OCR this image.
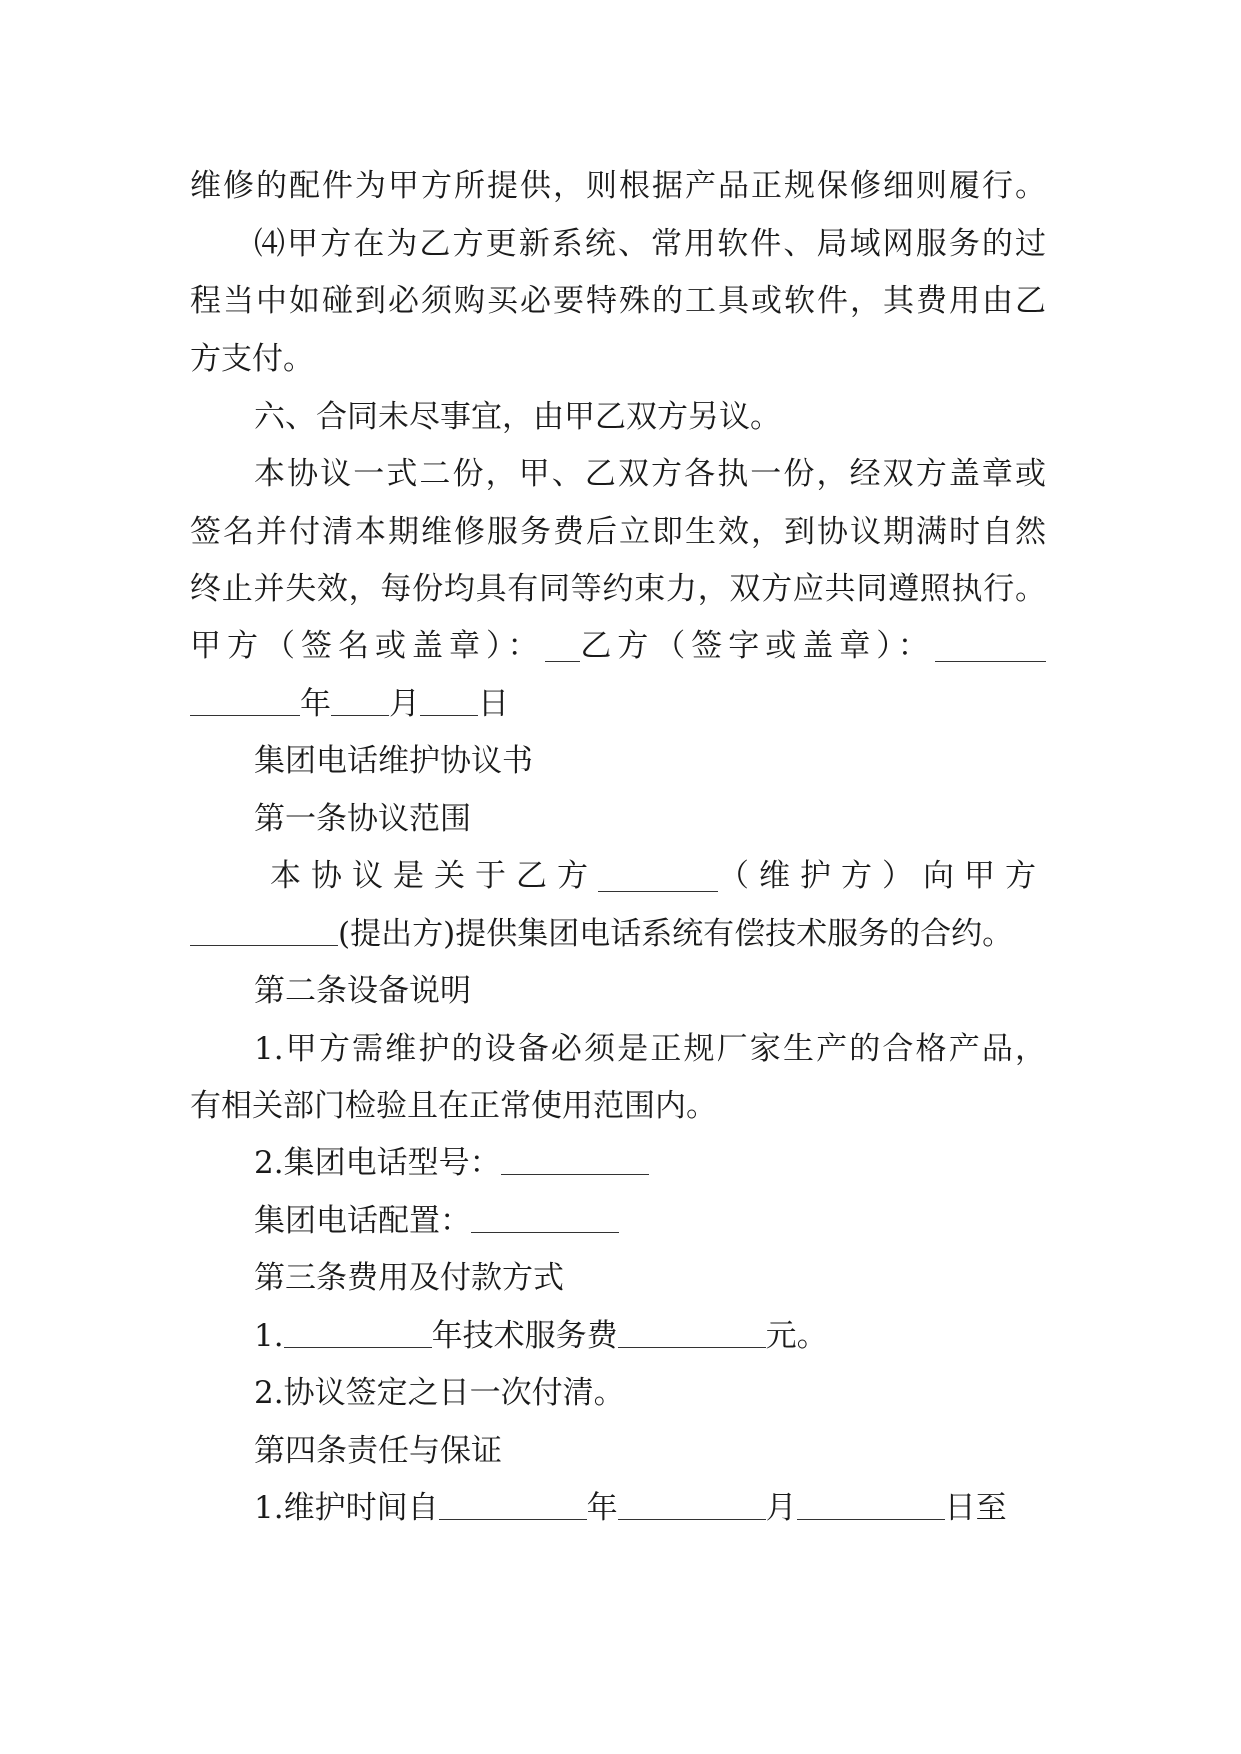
维修的配件为甲方所提供，则根据产品正规保修细则履行。
⑷甲方在为乙方更新系统、常用软件、局域网服务的过
程当中如碰到必须购买必要特殊的工具或软件，其费用由乙
方支付。
六、合同未尽事宜，由甲乙双方另议。
本协议一式二份，甲、乙双方各执一份，经双方盖章或
签名并付清本期维修服务费后立即生效，到协议期满时自然
终止并失效，每份均具有同等约束力，双方应共同遵照执行。
甲方（签名或盖章）： 乙方（签字或盖章）：
年 月 日
集团电话维护协议书
第一条协议范围
本协议是关于乙方	（维护方）向甲方
(提出方)提供集团电话系统有偿技术服务的合约。
第二条设备说明
1.甲方需维护的设备必须是正规厂家生产的合格产品，
有相关部门检验且在正常使用范围内。
2.集团电话型号：
集团电话配置：
第三条费用及付款方式
1.	年技术服务费	元。
2.协议签定之日一次付清。
第四条责任与保证
1.维护时间自	年	月	日至
